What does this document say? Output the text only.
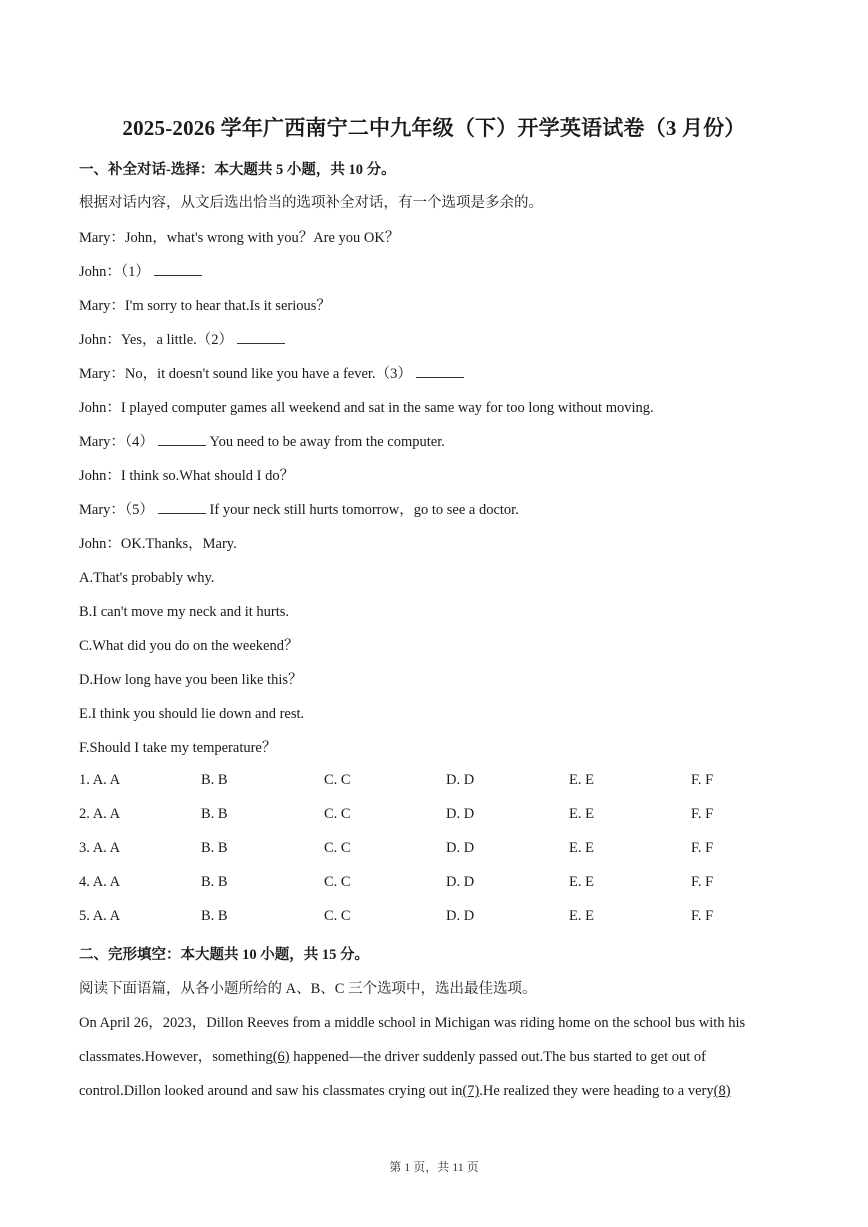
2025-2026 学年广西南宁二中九年级（下）开学英语试卷（3 月份）
一、补全对话-选择：本大题共 5 小题，共 10 分。
根据对话内容，从文后选出恰当的选项补全对话，有一个选项是多余的。
Mary：John，what's wrong with you？Are you OK？
John：（1）
Mary：I'm sorry to hear that.Is it serious？
John：Yes，a little.（2）
Mary：No，it doesn't sound like you have a fever.（3）
John：I played computer games all weekend and sat in the same way for too long without moving.
Mary：（4）	You need to be away from the computer.
John：I think so.What should I do？
Mary：（5）	If your neck still hurts tomorrow，go to see a doctor.
John：OK.Thanks，Mary.
A.That's probably why.
B.I can't move my neck and it hurts.
C.What did you do on the weekend？
D.How long have you been like this？
E.I think you should lie down and rest.
F.Should I take my temperature？
1. A. A	B. B	C. C	D. D	E. E	F. F
2. A. A	B. B	C. C	D. D	E. E	F. F
3. A. A	B. B	C. C	D. D	E. E	F. F
4. A. A	B. B	C. C	D. D	E. E	F. F
5. A. A	B. B	C. C	D. D	E. E	F. F
二、完形填空：本大题共 10 小题，共 15 分。
阅读下面语篇，从各小题所给的 A、B、C 三个选项中，选出最佳选项。
On April 26，2023，Dillon Reeves from a middle school in Michigan was riding home on the school bus with his
classmates.However，something(6) happened—the driver suddenly passed out.The bus started to get out of
control.Dillon looked around and saw his classmates crying out in(7).He realized they were heading to a very(8)
第 1 页，共 11 页
